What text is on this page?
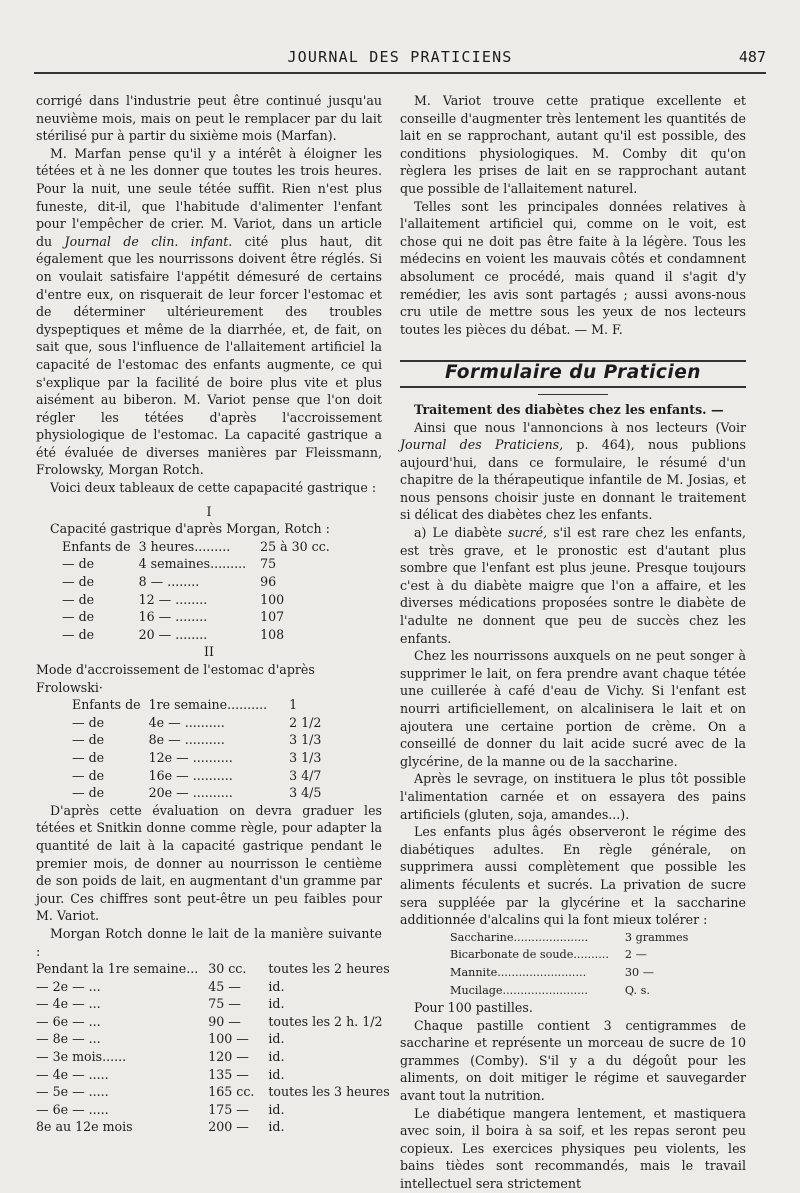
JOURNAL DES PRATICIENS	487

corrigé dans l'industrie peut être continué jusqu'au neuvième mois, mais on peut le remplacer par du lait stérilisé pur à partir du sixième mois (Marfan).

M. Marfan pense qu'il y a intérêt à éloigner les tétées et à ne les donner que toutes les trois heures. Pour la nuit, une seule tétée suffit. Rien n'est plus funeste, dit-il, que l'habitude d'alimenter l'enfant pour l'empêcher de crier. M. Variot, dans un article du Journal de clin. infant. cité plus haut, dit également que les nourrissons doivent être réglés. Si on voulait satisfaire l'appétit démesuré de certains d'entre eux, on risquerait de leur forcer l'estomac et de déterminer ultérieurement des troubles dyspeptiques et même de la diarrhée, et, de fait, on sait que, sous l'influence de l'allaitement artificiel la capacité de l'estomac des enfants augmente, ce qui s'explique par la facilité de boire plus vite et plus aisément au biberon. M. Variot pense que l'on doit régler les tétées d'après l'accroissement physiologique de l'estomac. La capacité gastrique a été évaluée de diverses manières par Fleissmann, Frolowsky, Morgan Rotch.

Voici deux tableaux de cette capapacité gastrique :

I

Capacité gastrique d'après Morgan, Rotch :

Enfants de	3 heures.........	25 à 30 cc.
— de	4 semaines.........	75
— de	8 — ........	96
— de	12 — ........	100
— de	16 — ........	107
— de	20 — ........	108

II

Mode d'accroissement de l'estomac d'après Frolowski·

Enfants de	1re semaine..........	1
— de	4e — ..........	2 1/2
— de	8e — ..........	3 1/3
— de	12e — ..........	3 1/3
— de	16e — ..........	3 4/7
— de	20e — ..........	3 4/5

D'après cette évaluation on devra graduer les tétées et Snitkin donne comme règle, pour adapter la quantité de lait à la capacité gastrique pendant le premier mois, de donner au nourrisson le centième de son poids de lait, en augmentant d'un gramme par jour. Ces chiffres sont peut-être un peu faibles pour M. Variot.

Morgan Rotch donne le lait de la manière suivante :

Pendant la 1re semaine...	30 cc.	toutes les 2 heures
— 2e — ...	45 —	id.
— 4e — ...	75 —	id.
— 6e — ...	90 —	toutes les 2 h. 1/2
— 8e — ...	100 —	id.
— 3e mois......	120 —	id.
— 4e — .....	135 —	id.
— 5e — .....	165 cc.	toutes les 3 heures
— 6e — .....	175 —	id.
8e au 12e mois	200 —	id.

M. Variot trouve cette pratique excellente et conseille d'augmenter très lentement les quantités de lait en se rapprochant, autant qu'il est possible, des conditions physiologiques. M. Comby dit qu'on règlera les prises de lait en se rapprochant autant que possible de l'allaitement naturel.

Telles sont les principales données relatives à l'allaitement artificiel qui, comme on le voit, est chose qui ne doit pas être faite à la légère. Tous les médecins en voient les mauvais côtés et condamnent absolument ce procédé, mais quand il s'agit d'y remédier, les avis sont partagés ; aussi avons-nous cru utile de mettre sous les yeux de nos lecteurs toutes les pièces du débat. — M. F.

Formulaire du Praticien

Traitement des diabètes chez les enfants. —

Ainsi que nous l'annoncions à nos lecteurs (Voir Journal des Praticiens, p. 464), nous publions aujourd'hui, dans ce formulaire, le résumé d'un chapitre de la thérapeutique infantile de M. Josias, et nous pensons choisir juste en donnant le traitement si délicat des diabètes chez les enfants.

a) Le diabète sucré, s'il est rare chez les enfants, est très grave, et le pronostic est d'autant plus sombre que l'enfant est plus jeune. Presque toujours c'est à du diabète maigre que l'on a affaire, et les diverses médications proposées sontre le diabète de l'adulte ne donnent que peu de succès chez les enfants.

Chez les nourrissons auxquels on ne peut songer à supprimer le lait, on fera prendre avant chaque tétée une cuillerée à café d'eau de Vichy. Si l'enfant est nourri artificiellement, on alcalinisera le lait et on ajoutera une certaine portion de crème. On a conseillé de donner du lait acide sucré avec de la glycérine, de la manne ou de la saccharine.

Après le sevrage, on instituera le plus tôt possible l'alimentation carnée et on essayera des pains artificiels (gluten, soja, amandes...).

Les enfants plus âgés observeront le régime des diabétiques adultes. En règle générale, on supprimera aussi complètement que possible les aliments féculents et sucrés. La privation de sucre sera suppléée par la glycérine et la saccharine additionnée d'alcalins qui la font mieux tolérer :

Saccharine.....................	3 grammes
Bicarbonate de soude..........	2 —
Mannite.........................	30 —
Mucilage........................	Q. s.

Pour 100 pastilles.

Chaque pastille contient 3 centigrammes de saccharine et représente un morceau de sucre de 10 grammes (Comby). S'il y a du dégoût pour les aliments, on doit mitiger le régime et sauvegarder avant tout la nutrition.

Le diabétique mangera lentement, et mastiquera avec soin, il boira à sa soif, et les repas seront peu copieux. Les exercices physiques peu violents, les bains tièdes sont recommandés, mais le travail intellectuel sera strictement
